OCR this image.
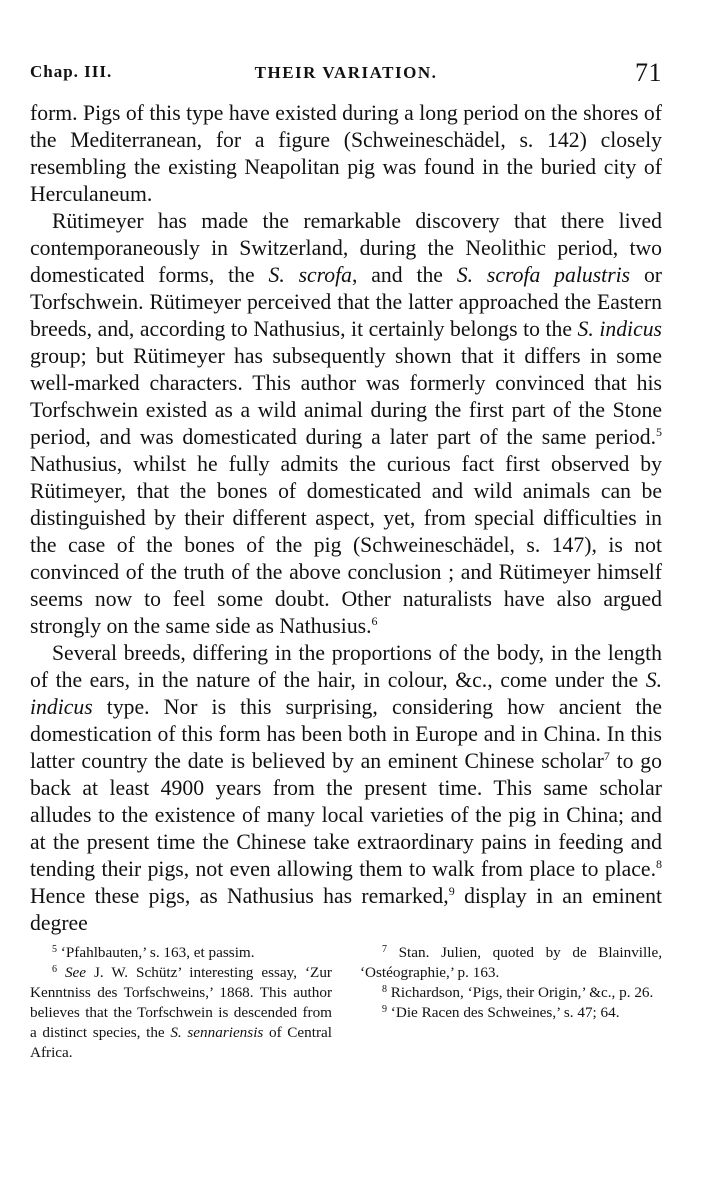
Chap. III.	THEIR VARIATION.	71

form. Pigs of this type have existed during a long period on the shores of the Mediterranean, for a figure (Schweineschädel, s. 142) closely resembling the existing Neapolitan pig was found in the buried city of Herculaneum.

Rütimeyer has made the remarkable discovery that there lived contemporaneously in Switzerland, during the Neolithic period, two domesticated forms, the S. scrofa, and the S. scrofa palustris or Torfschwein. Rütimeyer perceived that the latter approached the Eastern breeds, and, according to Nathusius, it certainly belongs to the S. indicus group; but Rütimeyer has subsequently shown that it differs in some well-marked characters. This author was formerly convinced that his Torfschwein existed as a wild animal during the first part of the Stone period, and was domesticated during a later part of the same period.$^5$ Nathusius, whilst he fully admits the curious fact first observed by Rütimeyer, that the bones of domesticated and wild animals can be distinguished by their different aspect, yet, from special difficulties in the case of the bones of the pig (Schweineschädel, s. 147), is not convinced of the truth of the above conclusion ; and Rütimeyer himself seems now to feel some doubt. Other naturalists have also argued strongly on the same side as Nathusius.$^6$

Several breeds, differing in the proportions of the body, in the length of the ears, in the nature of the hair, in colour, &c., come under the S. indicus type. Nor is this surprising, considering how ancient the domestication of this form has been both in Europe and in China. In this latter country the date is believed by an eminent Chinese scholar$^7$ to go back at least 4900 years from the present time. This same scholar alludes to the existence of many local varieties of the pig in China; and at the present time the Chinese take extraordinary pains in feeding and tending their pigs, not even allowing them to walk from place to place.$^8$ Hence these pigs, as Nathusius has remarked,$^9$ display in an eminent degree

$^5$ ‘Pfahlbauten,’ s. 163, et passim.

$^6$ See J. W. Schütz’ interesting essay, ‘Zur Kenntniss des Torfschweins,’ 1868. This author believes that the Torfschwein is descended from a distinct species, the S. sennariensis of Central Africa.

$^7$ Stan. Julien, quoted by de Blainville, ‘Ostéographie,’ p. 163.

$^8$ Richardson, ‘Pigs, their Origin,’ &c., p. 26.

$^9$ ‘Die Racen des Schweines,’ s. 47; 64.
